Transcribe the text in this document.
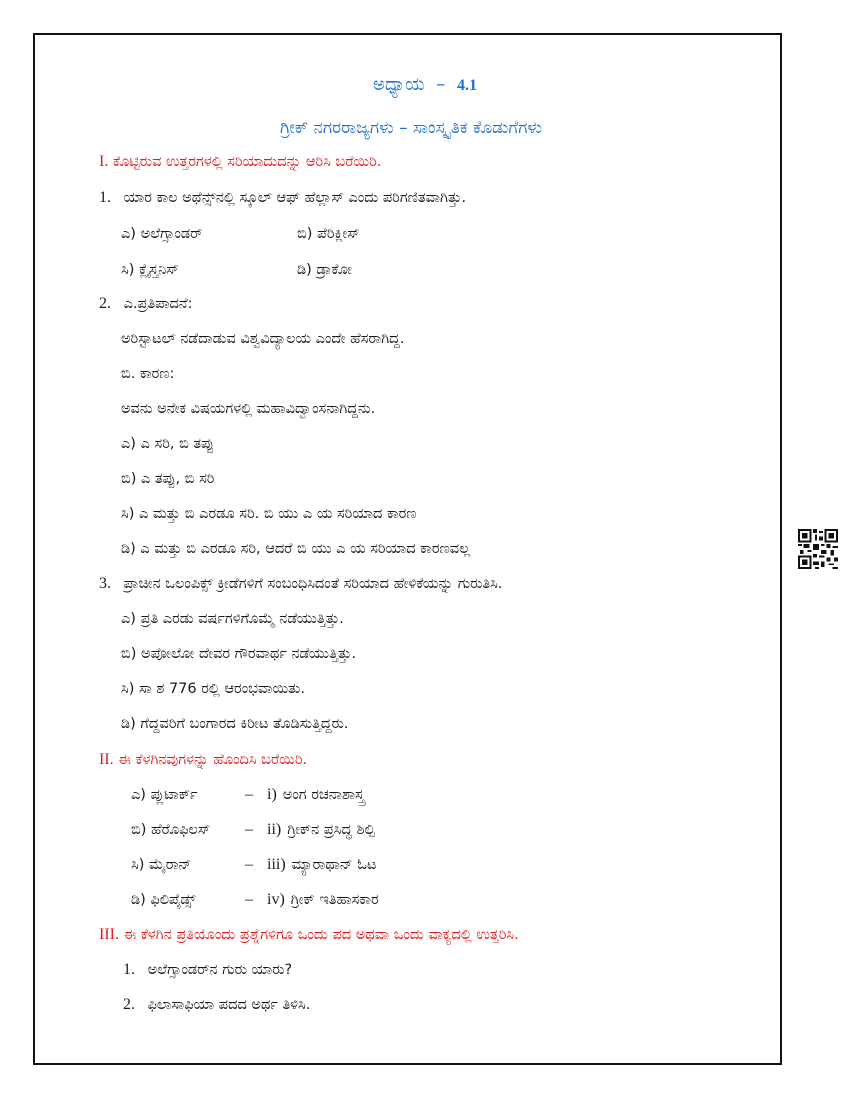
ಅಧ್ಯಾಯ – 4.1
ಗ್ರೀಕ್ ನಗರರಾಜ್ಯಗಳು – ಸಾಂಸ್ಕೃತಿಕ ಕೊಡುಗೆಗಳು
I. ಕೊಟ್ಟಿರುವ ಉತ್ತರಗಳಲ್ಲಿ ಸರಿಯಾದುದನ್ನು ಆರಿಸಿ ಬರೆಯಿರಿ.
1. ಯಾರ ಕಾಲ ಅಥೆನ್ಸ್‌ನಲ್ಲಿ ಸ್ಕೂಲ್ ಆಫ್ ಹೆಲ್ಲಾಸ್ ಎಂದು ಪರಿಗಣಿತವಾಗಿತ್ತು.
ಎ) ಅಲೆಗ್ಸಾಂಡರ್	ಬಿ) ಪೆರಿಕ್ಲೀಸ್
ಸಿ) ಕ್ಲೈಸ್ತನಿಸ್	ಡಿ) ಡ್ರಾಕೋ
2. ಎ.ಪ್ರತಿಪಾದನೆ:
ಅರಿಸ್ಟಾಟಲ್ ನಡೆದಾಡುವ ವಿಶ್ವವಿದ್ಯಾಲಯ ಎಂದೇ ಹೆಸರಾಗಿದ್ದ.
ಬಿ. ಕಾರಣ:
ಅವನು ಅನೇಕ ವಿಷಯಗಳಲ್ಲಿ ಮಹಾವಿದ್ವಾಂಸನಾಗಿದ್ದನು.
ಎ) ಎ ಸರಿ, ಬಿ ತಪ್ಪು
ಬಿ) ಎ ತಪ್ಪು, ಬಿ ಸರಿ
ಸಿ) ಎ ಮತ್ತು ಬಿ ಎರಡೂ ಸರಿ. ಬಿ ಯು ಎ ಯ ಸರಿಯಾದ ಕಾರಣ
ಡಿ) ಎ ಮತ್ತು ಬಿ ಎರಡೂ ಸರಿ, ಆದರೆ ಬಿ ಯು ಎ ಯ ಸರಿಯಾದ ಕಾರಣವಲ್ಲ
3. ಪ್ರಾಚೀನ ಒಲಂಪಿಕ್ಸ್ ಕ್ರೀಡೆಗಳಿಗೆ ಸಂಬಂಧಿಸಿದಂತೆ ಸರಿಯಾದ ಹೇಳಿಕೆಯನ್ನು ಗುರುತಿಸಿ.
ಎ) ಪ್ರತಿ ಎರಡು ವರ್ಷಗಳಿಗೊಮ್ಮೆ ನಡೆಯುತ್ತಿತ್ತು.
ಬಿ) ಅಪೋಲೋ ದೇವರ ಗೌರವಾರ್ಥ ನಡೆಯುತ್ತಿತ್ತು.
ಸಿ) ಸಾ ಶ 776 ರಲ್ಲಿ ಆರಂಭವಾಯಿತು.
ಡಿ) ಗೆದ್ದವರಿಗೆ ಬಂಗಾರದ ಕಿರೀಟ ತೊಡಿಸುತ್ತಿದ್ದರು.
II. ಈ ಕೆಳಗಿನವುಗಳನ್ನು ಹೊಂದಿಸಿ ಬರೆಯಿರಿ.
ಎ) ಪ್ಲುಟಾರ್ಕ್	– i) ಅಂಗ ರಚನಾಶಾಸ್ತ್ರ
ಬಿ) ಹೆರೊಫಿಲಸ್ – ii) ಗ್ರೀಕ್‌ನ ಪ್ರಸಿದ್ಧ ಶಿಲ್ಪಿ
ಸಿ) ಮೈರಾನ್	– iii) ಮ್ಯಾರಾಥಾನ್ ಓಟ
ಡಿ) ಫಿಲಿಪೈಡ್ಸ್	– iv) ಗ್ರೀಕ್ ಇತಿಹಾಸಕಾರ
III. ಈ ಕೆಳಗಿನ ಪ್ರತಿಯೊಂದು ಪ್ರಶ್ನೆಗಳಿಗೂ ಒಂದು ಪದ ಅಥವಾ ಒಂದು ವಾಕ್ಯದಲ್ಲಿ ಉತ್ತರಿಸಿ.
1. ಅಲೆಗ್ಸಾಂಡರ್‌ನ ಗುರು ಯಾರು?
2. ಫಿಲಾಸಾಫಿಯಾ ಪದದ ಅರ್ಥ ತಿಳಿಸಿ.
